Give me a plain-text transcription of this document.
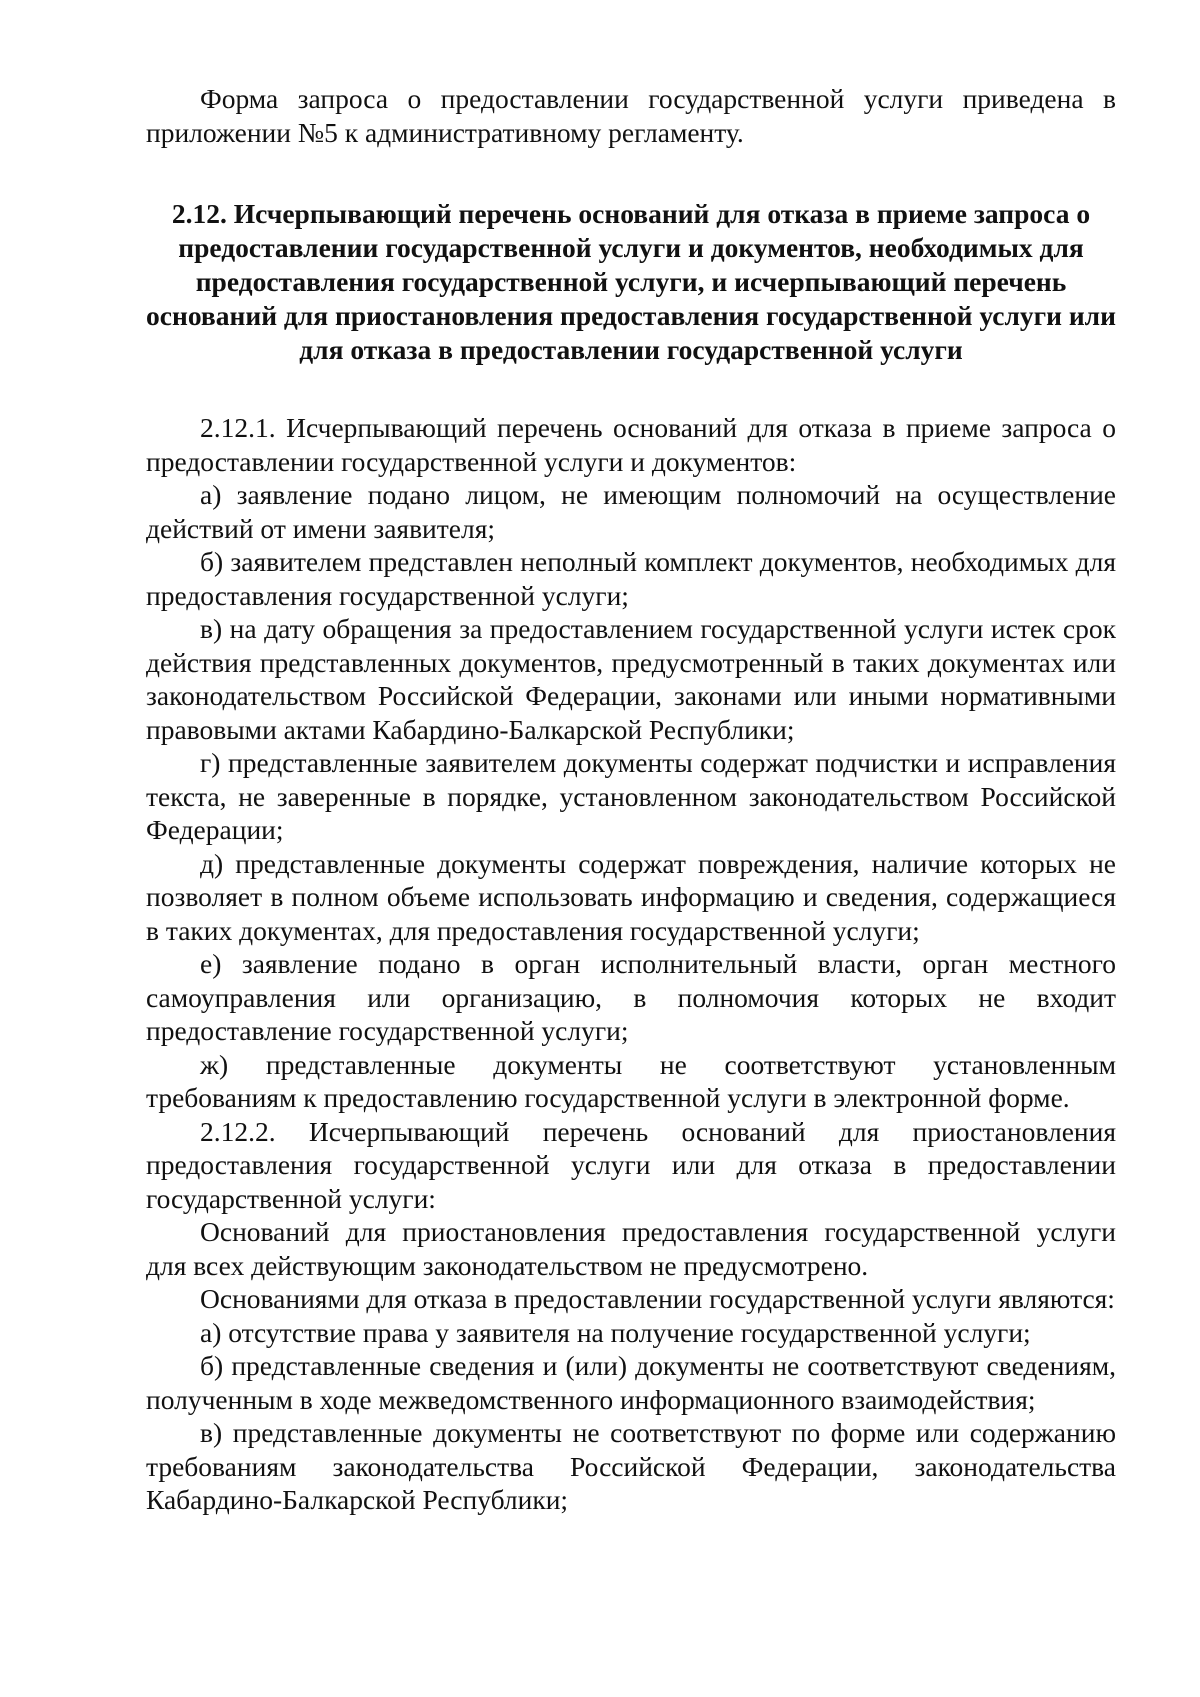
Форма запроса о предоставлении государственной услуги приведена в приложении №5 к административному регламенту.

2.12. Исчерпывающий перечень оснований для отказа в приеме запроса о предоставлении государственной услуги и документов, необходимых для предоставления государственной услуги, и исчерпывающий перечень оснований для приостановления предоставления государственной услуги или для отказа в предоставлении государственной услуги

2.12.1. Исчерпывающий перечень оснований для отказа в приеме запроса о предоставлении государственной услуги и документов:

а) заявление подано лицом, не имеющим полномочий на осуществление действий от имени заявителя;

б) заявителем представлен неполный комплект документов, необходимых для предоставления государственной услуги;

в) на дату обращения за предоставлением государственной услуги истек срок действия представленных документов, предусмотренный в таких документах или законодательством Российской Федерации, законами или иными нормативными правовыми актами Кабардино-Балкарской Республики;

г) представленные заявителем документы содержат подчистки и исправления текста, не заверенные в порядке, установленном законодательством Российской Федерации;

д) представленные документы содержат повреждения, наличие которых не позволяет в полном объеме использовать информацию и сведения, содержащиеся в таких документах, для предоставления государственной услуги;

е) заявление подано в орган исполнительный власти, орган местного самоуправления или организацию, в полномочия которых не входит предоставление государственной услуги;

ж) представленные документы не соответствуют установленным требованиям к предоставлению государственной услуги в электронной форме.

2.12.2. Исчерпывающий перечень оснований для приостановления предоставления государственной услуги или для отказа в предоставлении государственной услуги:

Оснований для приостановления предоставления государственной услуги для всех действующим законодательством не предусмотрено.

Основаниями для отказа в предоставлении государственной услуги являются:

а) отсутствие права у заявителя на получение государственной услуги;

б) представленные сведения и (или) документы не соответствуют сведениям, полученным в ходе межведомственного информационного взаимодействия;

в) представленные документы не соответствуют по форме или содержанию требованиям законодательства Российской Федерации, законодательства Кабардино-Балкарской Республики;
